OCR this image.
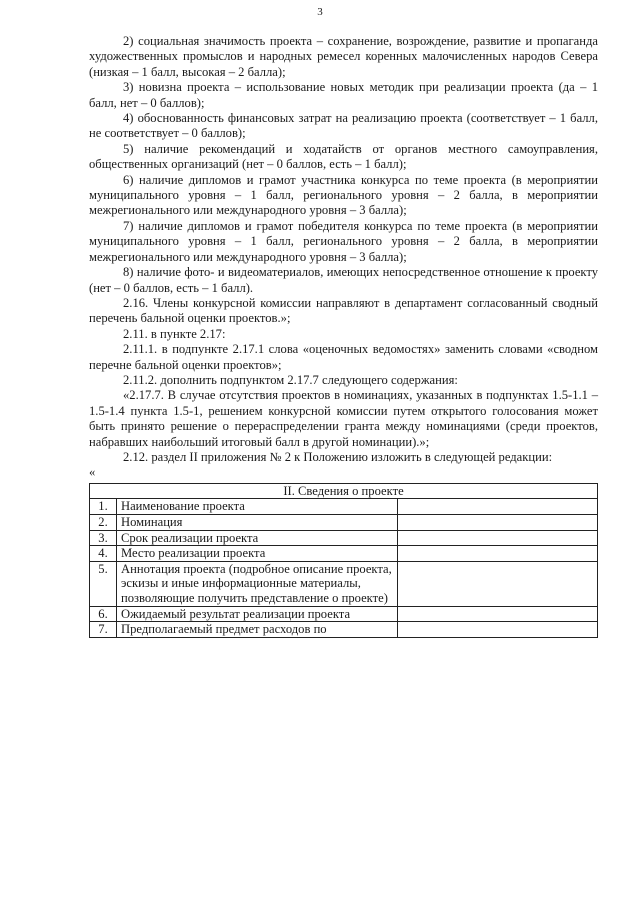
3

2) социальная значимость проекта – сохранение, возрождение, развитие и пропаганда художественных промыслов и народных ремесел коренных малочисленных народов Севера (низкая – 1 балл, высокая – 2 балла);

3) новизна проекта – использование новых методик при реализации проекта (да – 1 балл, нет – 0 баллов);

4) обоснованность финансовых затрат на реализацию проекта (соответствует – 1 балл, не соответствует – 0 баллов);

5) наличие рекомендаций и ходатайств от органов местного самоуправления, общественных организаций (нет – 0 баллов, есть – 1 балл);

6) наличие дипломов и грамот участника конкурса по теме проекта (в мероприятии муниципального уровня – 1 балл, регионального уровня – 2 балла, в мероприятии межрегионального или международного уровня – 3 балла);

7) наличие дипломов и грамот победителя конкурса по теме проекта (в мероприятии муниципального уровня – 1 балл, регионального уровня – 2 балла, в мероприятии межрегионального или международного уровня – 3 балла);

8) наличие фото- и видеоматериалов, имеющих непосредственное отношение к проекту (нет – 0 баллов, есть – 1 балл).

2.16. Члены конкурсной комиссии направляют в департамент согласованный сводный перечень бальной оценки проектов.»;

2.11. в пункте 2.17:

2.11.1. в подпункте 2.17.1 слова «оценочных ведомостях» заменить словами «сводном перечне бальной оценки проектов»;

2.11.2. дополнить подпунктом 2.17.7 следующего содержания:

«2.17.7. В случае отсутствия проектов в номинациях, указанных в подпунктах 1.5-1.1 – 1.5-1.4 пункта 1.5-1, решением конкурсной комиссии путем открытого голосования может быть принято решение о перераспределении гранта между номинациями (среди проектов, набравших наибольший итоговый балл в другой номинации).»;

2.12. раздел II приложения № 2 к Положению изложить в следующей редакции:

«
II. Сведения о проекте		
1.	Наименование проекта	
2.	Номинация	
3.	Срок реализации проекта	
4.	Место реализации проекта	
5.	Аннотация проекта (подробное описание проекта, эскизы и иные информационные материалы, позволяющие получить представление о проекте)	
6.	Ожидаемый результат реализации проекта	
7.	Предполагаемый предмет расходов по	
